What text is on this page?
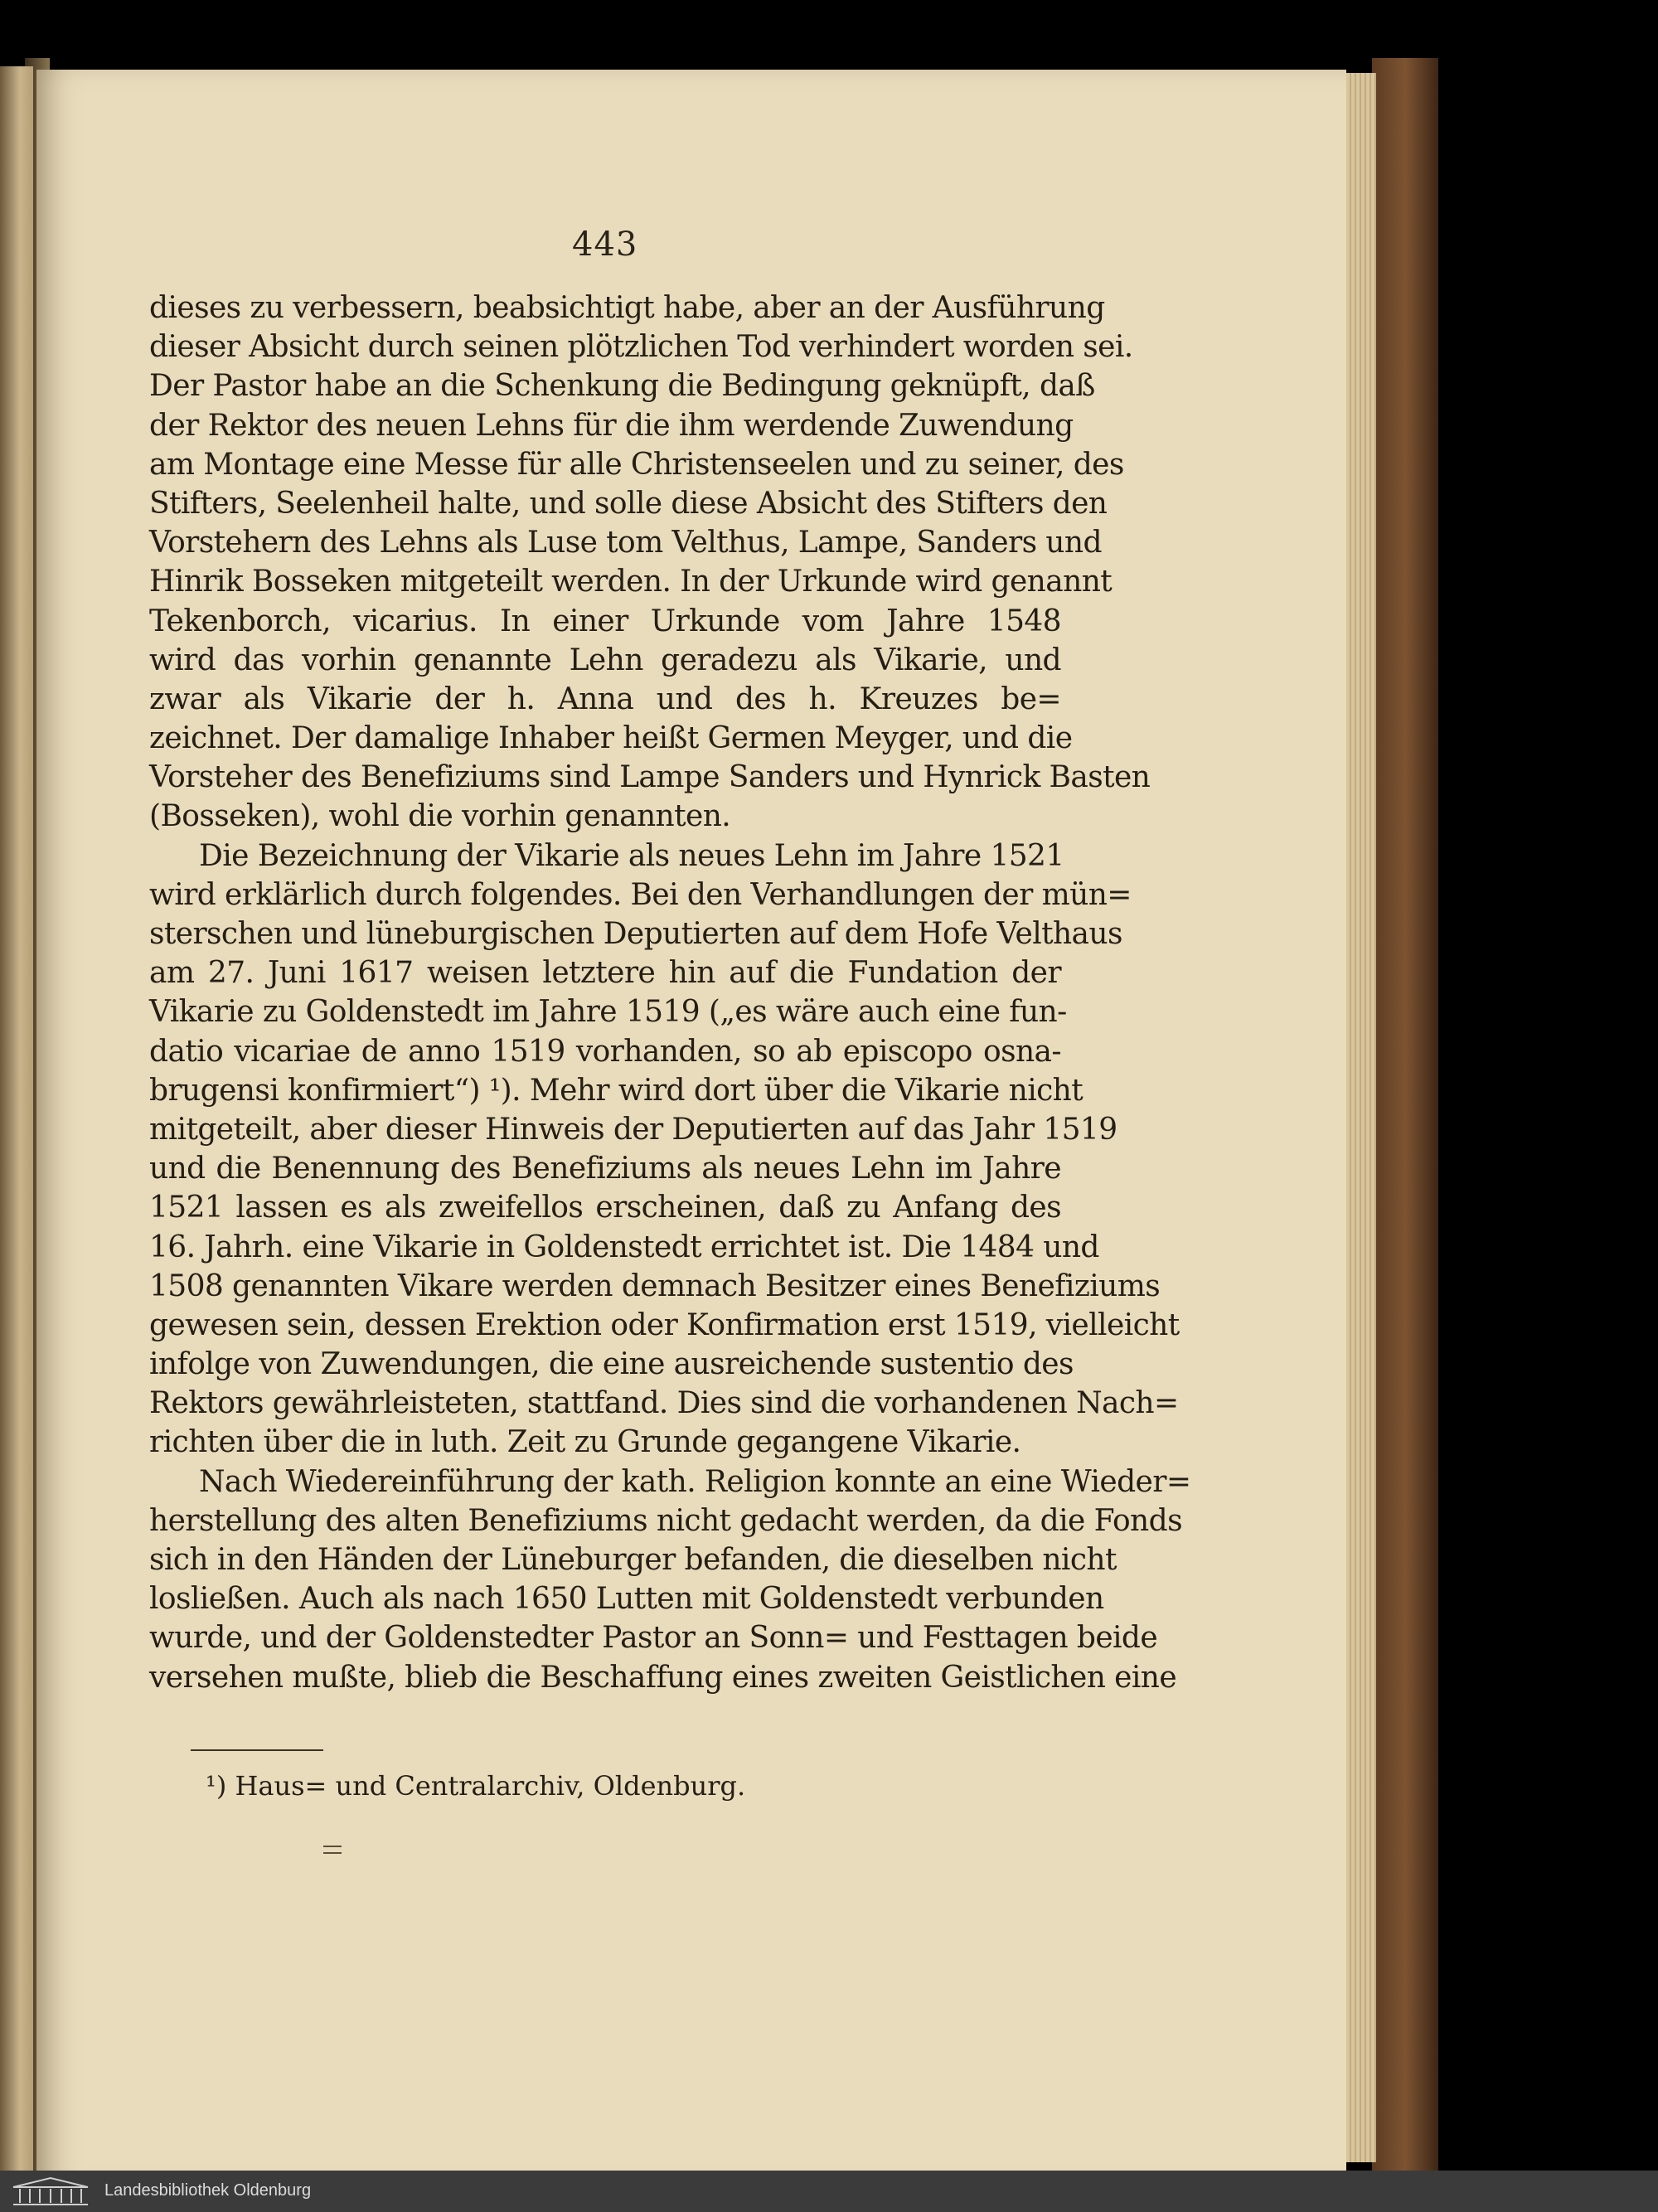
443
dieses zu verbessern, beabsichtigt habe, aber an der Ausführung
dieser Absicht durch seinen plötzlichen Tod verhindert worden sei.
Der Pastor habe an die Schenkung die Bedingung geknüpft, daß
der Rektor des neuen Lehns für die ihm werdende Zuwendung
am Montage eine Messe für alle Christenseelen und zu seiner, des
Stifters, Seelenheil halte, und solle diese Absicht des Stifters den
Vorstehern des Lehns als Luse tom Velthus, Lampe, Sanders und
Hinrik Bosseken mitgeteilt werden. In der Urkunde wird genannt
Tekenborch, vicarius. In einer Urkunde vom Jahre 1548
wird das vorhin genannte Lehn geradezu als Vikarie, und
zwar als Vikarie der h. Anna und des h. Kreuzes be=
zeichnet. Der damalige Inhaber heißt Germen Meyger, und die
Vorsteher des Benefiziums sind Lampe Sanders und Hynrick Basten
(Bosseken), wohl die vorhin genannten.
Die Bezeichnung der Vikarie als neues Lehn im Jahre 1521
wird erklärlich durch folgendes. Bei den Verhandlungen der mün=
sterschen und lüneburgischen Deputierten auf dem Hofe Velthaus
am 27. Juni 1617 weisen letztere hin auf die Fundation der
Vikarie zu Goldenstedt im Jahre 1519 („es wäre auch eine fun-
datio vicariae de anno 1519 vorhanden, so ab episcopo osna-
brugensi konfirmiert“) ¹). Mehr wird dort über die Vikarie nicht
mitgeteilt, aber dieser Hinweis der Deputierten auf das Jahr 1519
und die Benennung des Benefiziums als neues Lehn im Jahre
1521 lassen es als zweifellos erscheinen, daß zu Anfang des
16. Jahrh. eine Vikarie in Goldenstedt errichtet ist. Die 1484 und
1508 genannten Vikare werden demnach Besitzer eines Benefiziums
gewesen sein, dessen Erektion oder Konfirmation erst 1519, vielleicht
infolge von Zuwendungen, die eine ausreichende sustentio des
Rektors gewährleisteten, stattfand. Dies sind die vorhandenen Nach=
richten über die in luth. Zeit zu Grunde gegangene Vikarie.
Nach Wiedereinführung der kath. Religion konnte an eine Wieder=
herstellung des alten Benefiziums nicht gedacht werden, da die Fonds
sich in den Händen der Lüneburger befanden, die dieselben nicht
losließen. Auch als nach 1650 Lutten mit Goldenstedt verbunden
wurde, und der Goldenstedter Pastor an Sonn= und Festtagen beide
versehen mußte, blieb die Beschaffung eines zweiten Geistlichen eine
¹) Haus= und Centralarchiv, Oldenburg.
Landesbibliothek Oldenburg
